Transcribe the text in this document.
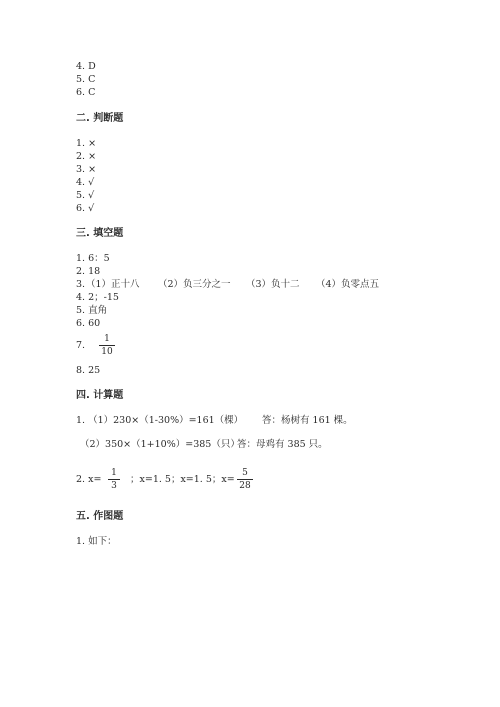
4. D
5. C
6. C
二. 判断题
1. ×
2. ×
3. ×
4. √
5. √
6. √
三. 填空题
1. 6：5
2. 18
3. （1）正十八 （2）负三分之一 （3）负十二 （4）负零点五
4. 2；-15
5. 直角
6. 60
7.
1
10
8. 25
四. 计算题
1. （1）230×（1-30%）=161（棵） 答：杨树有 161 棵。
（2）350×（1+10%）=385（只）
答：母鸡有 385 只。
2. x=
1
3
；x=1. 5；x=1. 5；x=
5
28
五. 作图题
1. 如下：
